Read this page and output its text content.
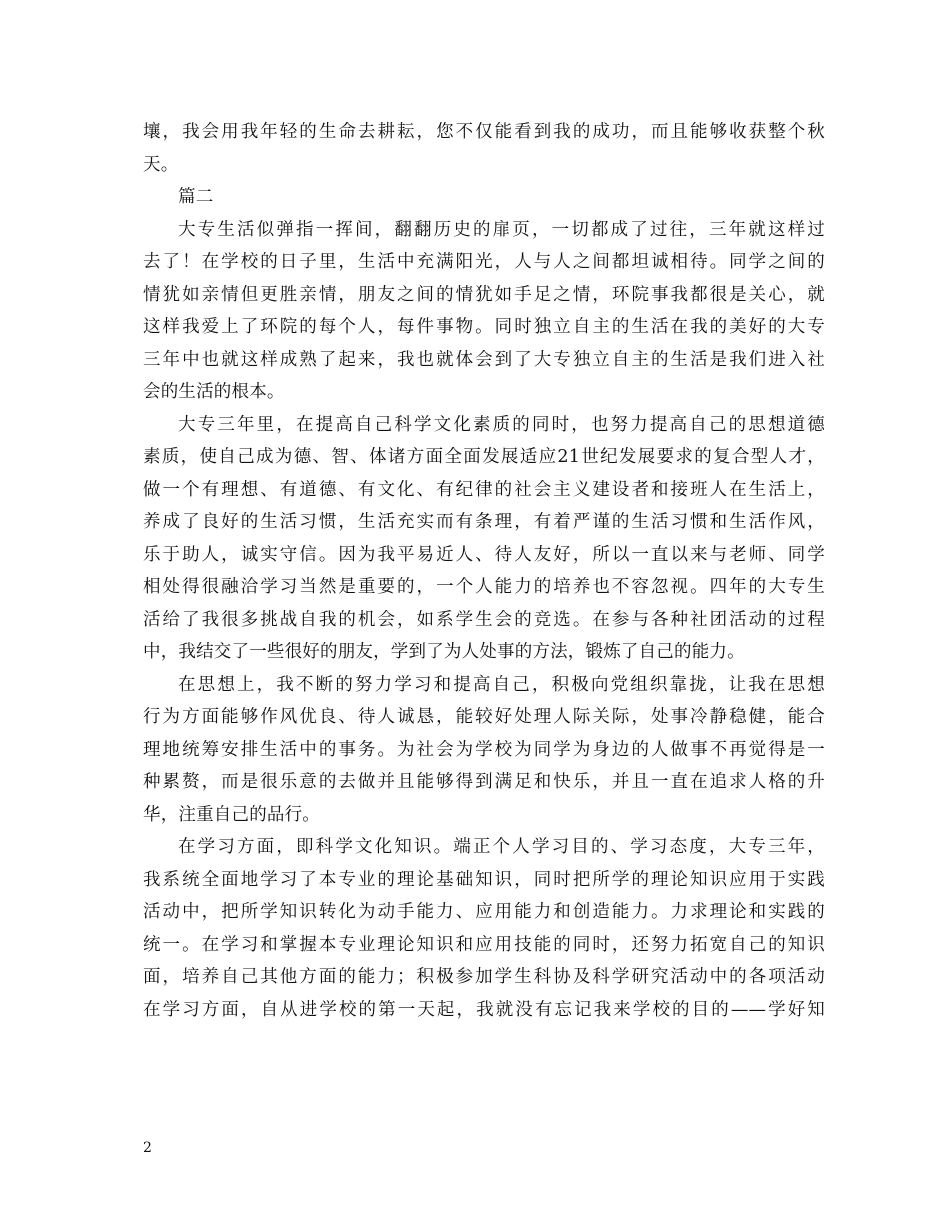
壤，我会用我年轻的生命去耕耘，您不仅能看到我的成功，而且能够收获整个秋
天。
篇二
大专生活似弹指一挥间，翻翻历史的扉页，一切都成了过往，三年就这样过
去了！在学校的日子里，生活中充满阳光，人与人之间都坦诚相待。同学之间的
情犹如亲情但更胜亲情，朋友之间的情犹如手足之情，环院事我都很是关心，就
这样我爱上了环院的每个人，每件事物。同时独立自主的生活在我的美好的大专
三年中也就这样成熟了起来，我也就体会到了大专独立自主的生活是我们进入社
会的生活的根本。
大专三年里，在提高自己科学文化素质的同时，也努力提高自己的思想道德
素质，使自己成为德、智、体诸方面全面发展适应21世纪发展要求的复合型人才，
做一个有理想、有道德、有文化、有纪律的社会主义建设者和接班人在生活上，
养成了良好的生活习惯，生活充实而有条理，有着严谨的生活习惯和生活作风，
乐于助人，诚实守信。因为我平易近人、待人友好，所以一直以来与老师、同学
相处得很融洽学习当然是重要的，一个人能力的培养也不容忽视。四年的大专生
活给了我很多挑战自我的机会，如系学生会的竞选。在参与各种社团活动的过程
中，我结交了一些很好的朋友，学到了为人处事的方法，锻炼了自己的能力。
在思想上，我不断的努力学习和提高自己，积极向党组织靠拢，让我在思想
行为方面能够作风优良、待人诚恳，能较好处理人际关际，处事冷静稳健，能合
理地统筹安排生活中的事务。为社会为学校为同学为身边的人做事不再觉得是一
种累赘，而是很乐意的去做并且能够得到满足和快乐，并且一直在追求人格的升
华，注重自己的品行。
在学习方面，即科学文化知识。端正个人学习目的、学习态度，大专三年，
我系统全面地学习了本专业的理论基础知识，同时把所学的理论知识应用于实践
活动中，把所学知识转化为动手能力、应用能力和创造能力。力求理论和实践的
统一。在学习和掌握本专业理论知识和应用技能的同时，还努力拓宽自己的知识
面，培养自己其他方面的能力；积极参加学生科协及科学研究活动中的各项活动
在学习方面，自从进学校的第一天起，我就没有忘记我来学校的目的——学好知
2
